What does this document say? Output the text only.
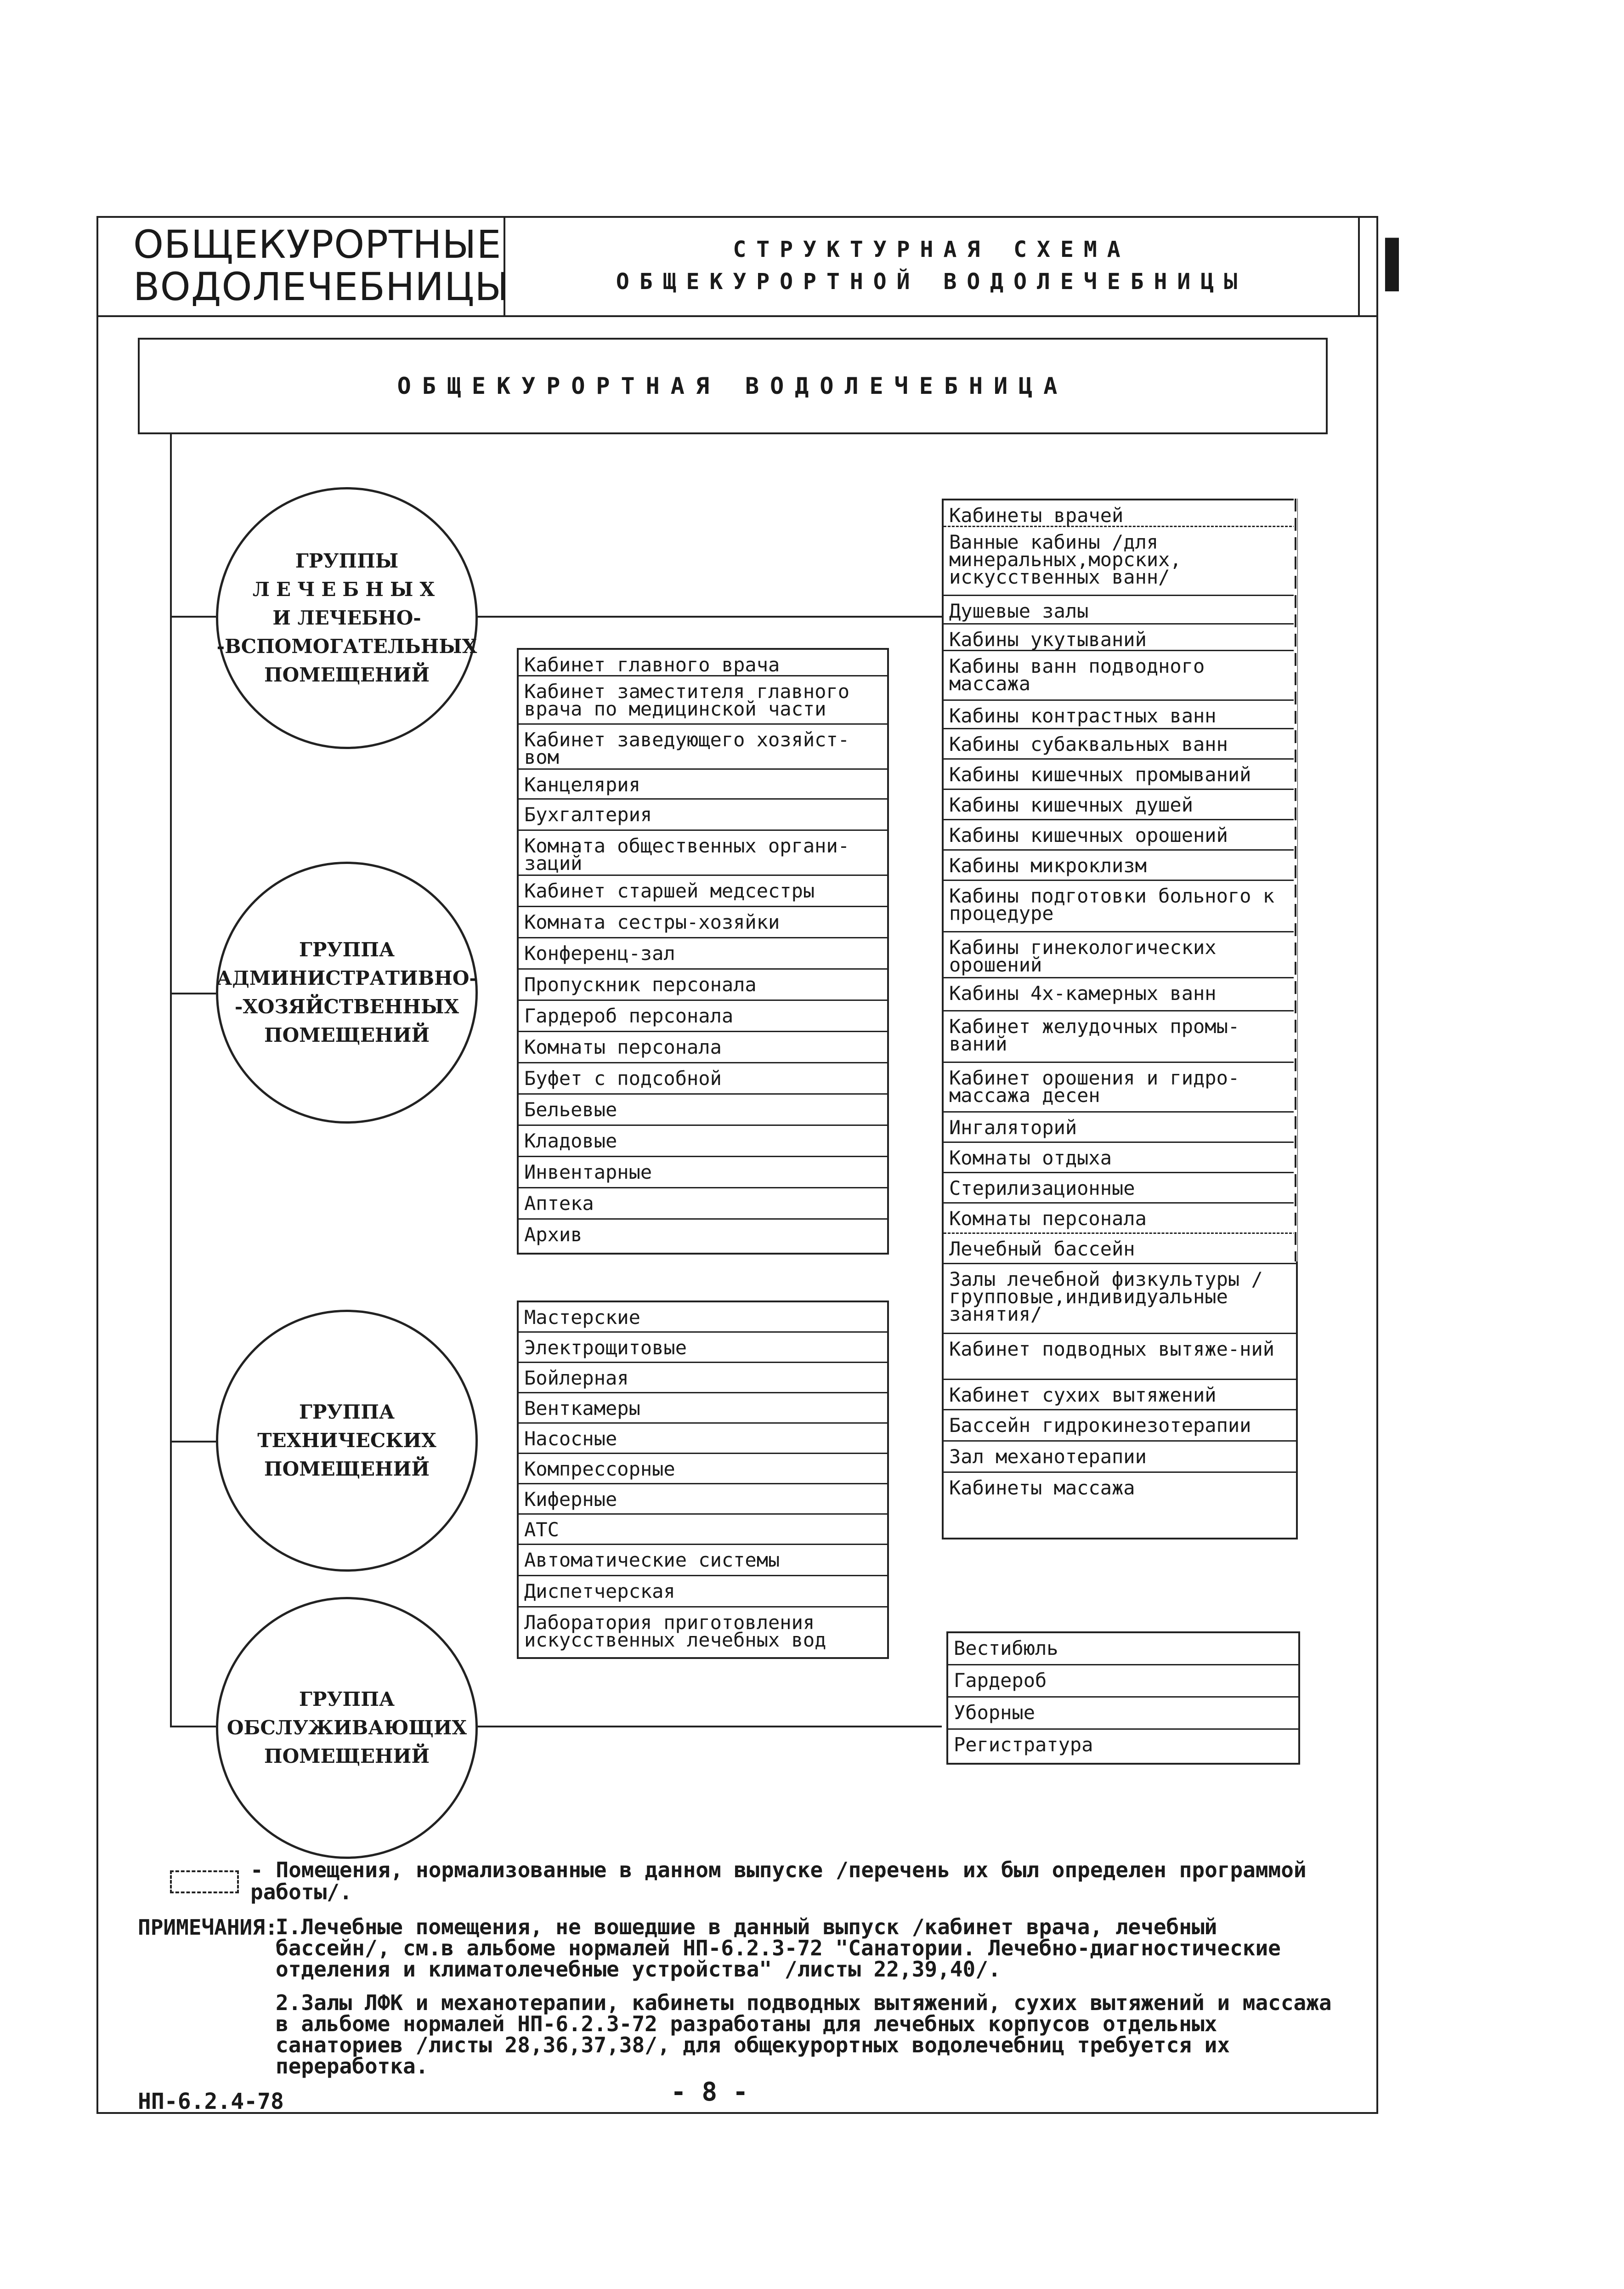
ОБЩЕКУРОРТНЫЕ
ВОДОЛЕЧЕБНИЦЫ
СТРУКТУРНАЯ СХЕМА
ОБЩЕКУРОРТНОЙ ВОДОЛЕЧЕБНИЦЫ I
ОБЩЕКУРОРТНАЯ ВОДОЛЕЧЕБНИЦА
ГРУППЫ
ЛЕЧЕБНЫХ
И ЛЕЧЕБНО-
-ВСПОМОГАТЕЛЬНЫХ
ПОМЕЩЕНИЙ
ГРУППА
АДМИНИСТРАТИВНО-
-ХОЗЯЙСТВЕННЫХ
ПОМЕЩЕНИЙ
ГРУППА
ТЕХНИЧЕСКИХ
ПОМЕЩЕНИЙ
ГРУППА
ОБСЛУЖИВАЮЩИХ
ПОМЕЩЕНИЙ
Кабинет главного врача
Кабинет заместителя главного врача по медицинской части
Кабинет заведующего хозяйст-вом
Канцелярия
Бухгалтерия
Комната общественных органи-заций
Кабинет старшей медсестры
Комната сестры-хозяйки
Конференц-зал
Пропускник персонала
Гардероб персонала
Комнаты персонала
Буфет с подсобной
Бельевые
Кладовые
Инвентарные
Аптека
Архив
Мастерские
Электрощитовые
Бойлерная
Венткамеры
Насосные
Компрессорные
Киферные
АТС
Автоматические системы
Диспетчерская
Лаборатория приготовления искусственных лечебных вод
Кабинеты врачей
Ванные кабины /для минеральных,морских, искусственных ванн/
Душевые залы
Кабины укутываний
Кабины ванн подводного массажа
Кабины контрастных ванн
Кабины субаквальных ванн
Кабины кишечных промываний
Кабины кишечных душей
Кабины кишечных орошений
Кабины микроклизм
Кабины подготовки больного к процедуре
Кабины гинекологических орошений
Кабины 4х-камерных ванн
Кабинет желудочных промы-ваний
Кабинет орошения и гидро-массажа десен
Ингаляторий
Комнаты отдыха
Стерилизационные
Комнаты персонала
Лечебный бассейн
Залы лечебной физкультуры /групповые,индивидуальные занятия/
Кабинет подводных вытяже-ний
Кабинет сухих вытяжений
Бассейн гидрокинезотерапии
Зал механотерапии
Кабинеты массажа
Вестибюль
Гардероб
Уборные
Регистратура
- Помещения, нормализованные в данном выпуске /перечень их был определен программой работы/.
ПРИМЕЧАНИЯ:
I.Лечебные помещения, не вошедшие в данный выпуск /кабинет врача, лечебный бассейн/, см.в альбоме нормалей НП-6.2.3-72 "Санатории. Лечебно-диагностические отделения и климатолечебные устройства" /листы 22,39,40/.
2.Залы ЛФК и механотерапии, кабинеты подводных вытяжений, сухих вытяжений и массажа в альбоме нормалей НП-6.2.3-72 разработаны для лечебных корпусов отдельных санаториев /листы 28,36,37,38/, для общекурортных водолечебниц требуется их переработка.
НП-6.2.4-78	- 8 -
